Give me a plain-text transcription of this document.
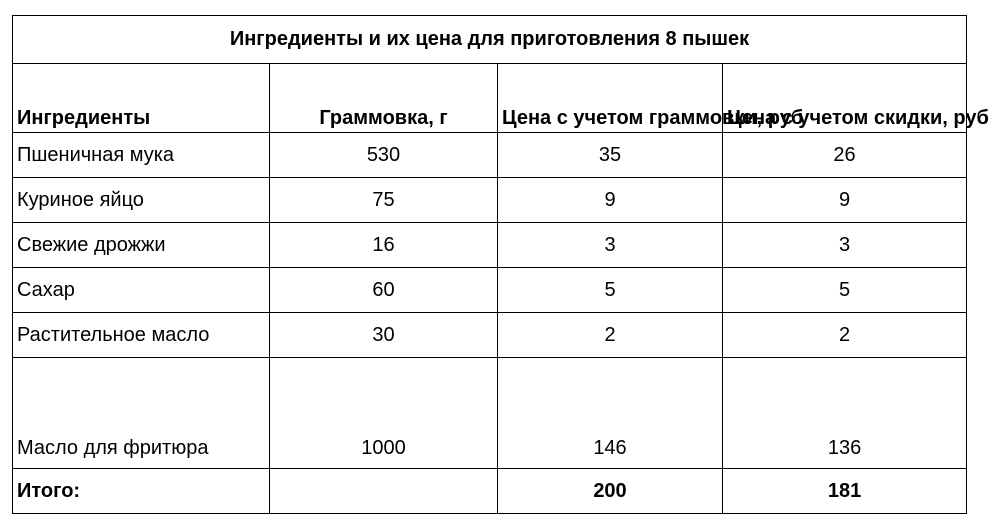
Ингредиенты и их цена для приготовления 8 пышек			
Ингредиенты	Граммовка, г	Цена с учетом граммовки, руб	Цена с учетом скидки, руб
Пшеничная мука	530	35	26
Куриное яйцо	75	9	9
Свежие дрожжи	16	3	3
Сахар	60	5	5
Растительное масло	30	2	2
Масло для фритюра	1000	146	136
Итого:		200	181
